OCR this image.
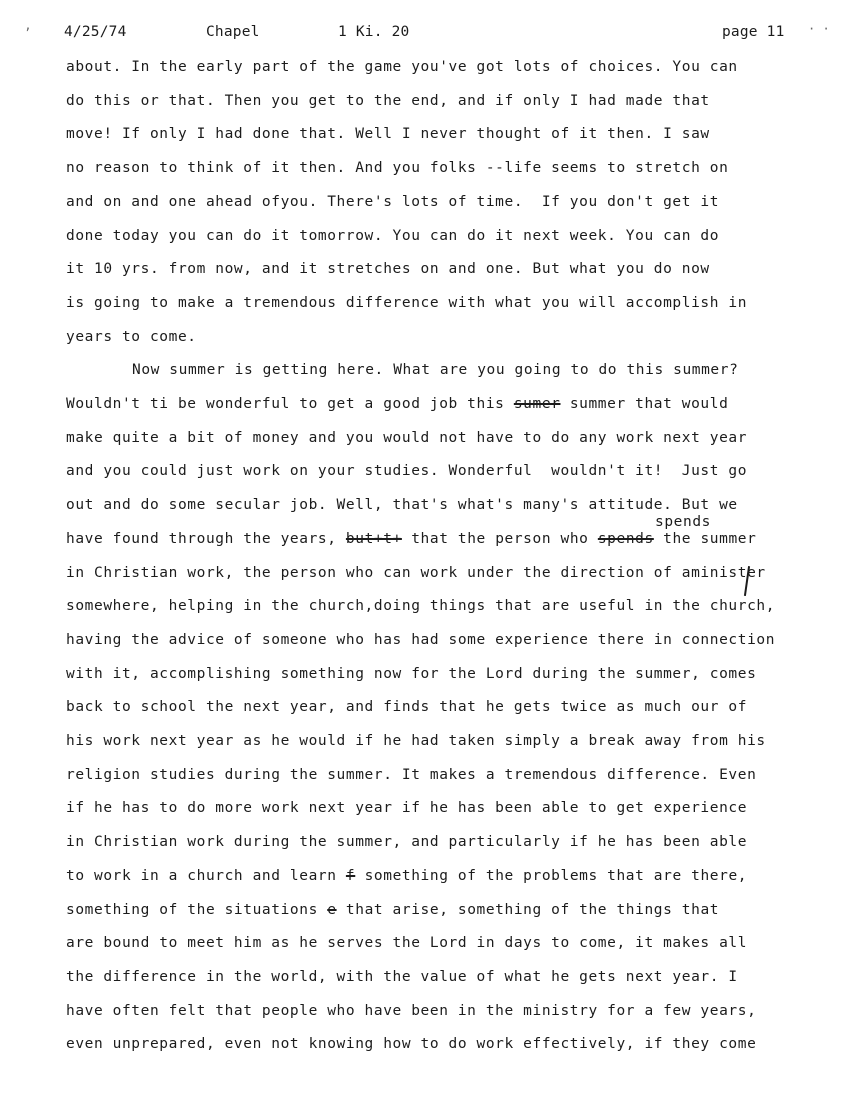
’ 4/25/74	Chapel	1 Ki. 20	page 11 · ·
spends
about. In the early part of the game you've got lots of choices. You can
do this or that. Then you get to the end, and if only I had made that
move! If only I had done that. Well I never thought of it then. I saw
no reason to think of it then. And you folks --life seems to stretch on
and on and one ahead ofyou. There's lots of time.  If you don't get it
done today you can do it tomorrow. You can do it next week. You can do
it 10 yrs. from now, and it stretches on and one. But what you do now
is going to make a tremendous difference with what you will accomplish in
years to come.
Now summer is getting here. What are you going to do this summer?
Wouldn't ti be wonderful to get a good job this sumer summer that would
make quite a bit of money and you would not have to do any work next year
and you could just work on your studies. Wonderful  wouldn't it!  Just go
out and do some secular job. Well, that's what's many's attitude. But we
have found through the years, but+t+ that the person who spends the summer
in Christian work, the person who can work under the direction of aminister
somewhere, helping in the church,doing things that are useful in the church,
having the advice of someone who has had some experience there in connection
with it, accomplishing something now for the Lord during the summer, comes
back to school the next year, and finds that he gets twice as much our of
his work next year as he would if he had taken simply a break away from his
religion studies during the summer. It makes a tremendous difference. Even
if he has to do more work next year if he has been able to get experience
in Christian work during the summer, and particularly if he has been able
to work in a church and learn f something of the problems that are there,
something of the situations e that arise, something of the things that
are bound to meet him as he serves the Lord in days to come, it makes all
the difference in the world, with the value of what he gets next year. I
have often felt that people who have been in the ministry for a few years,
even unprepared, even not knowing how to do work effectively, if they come
